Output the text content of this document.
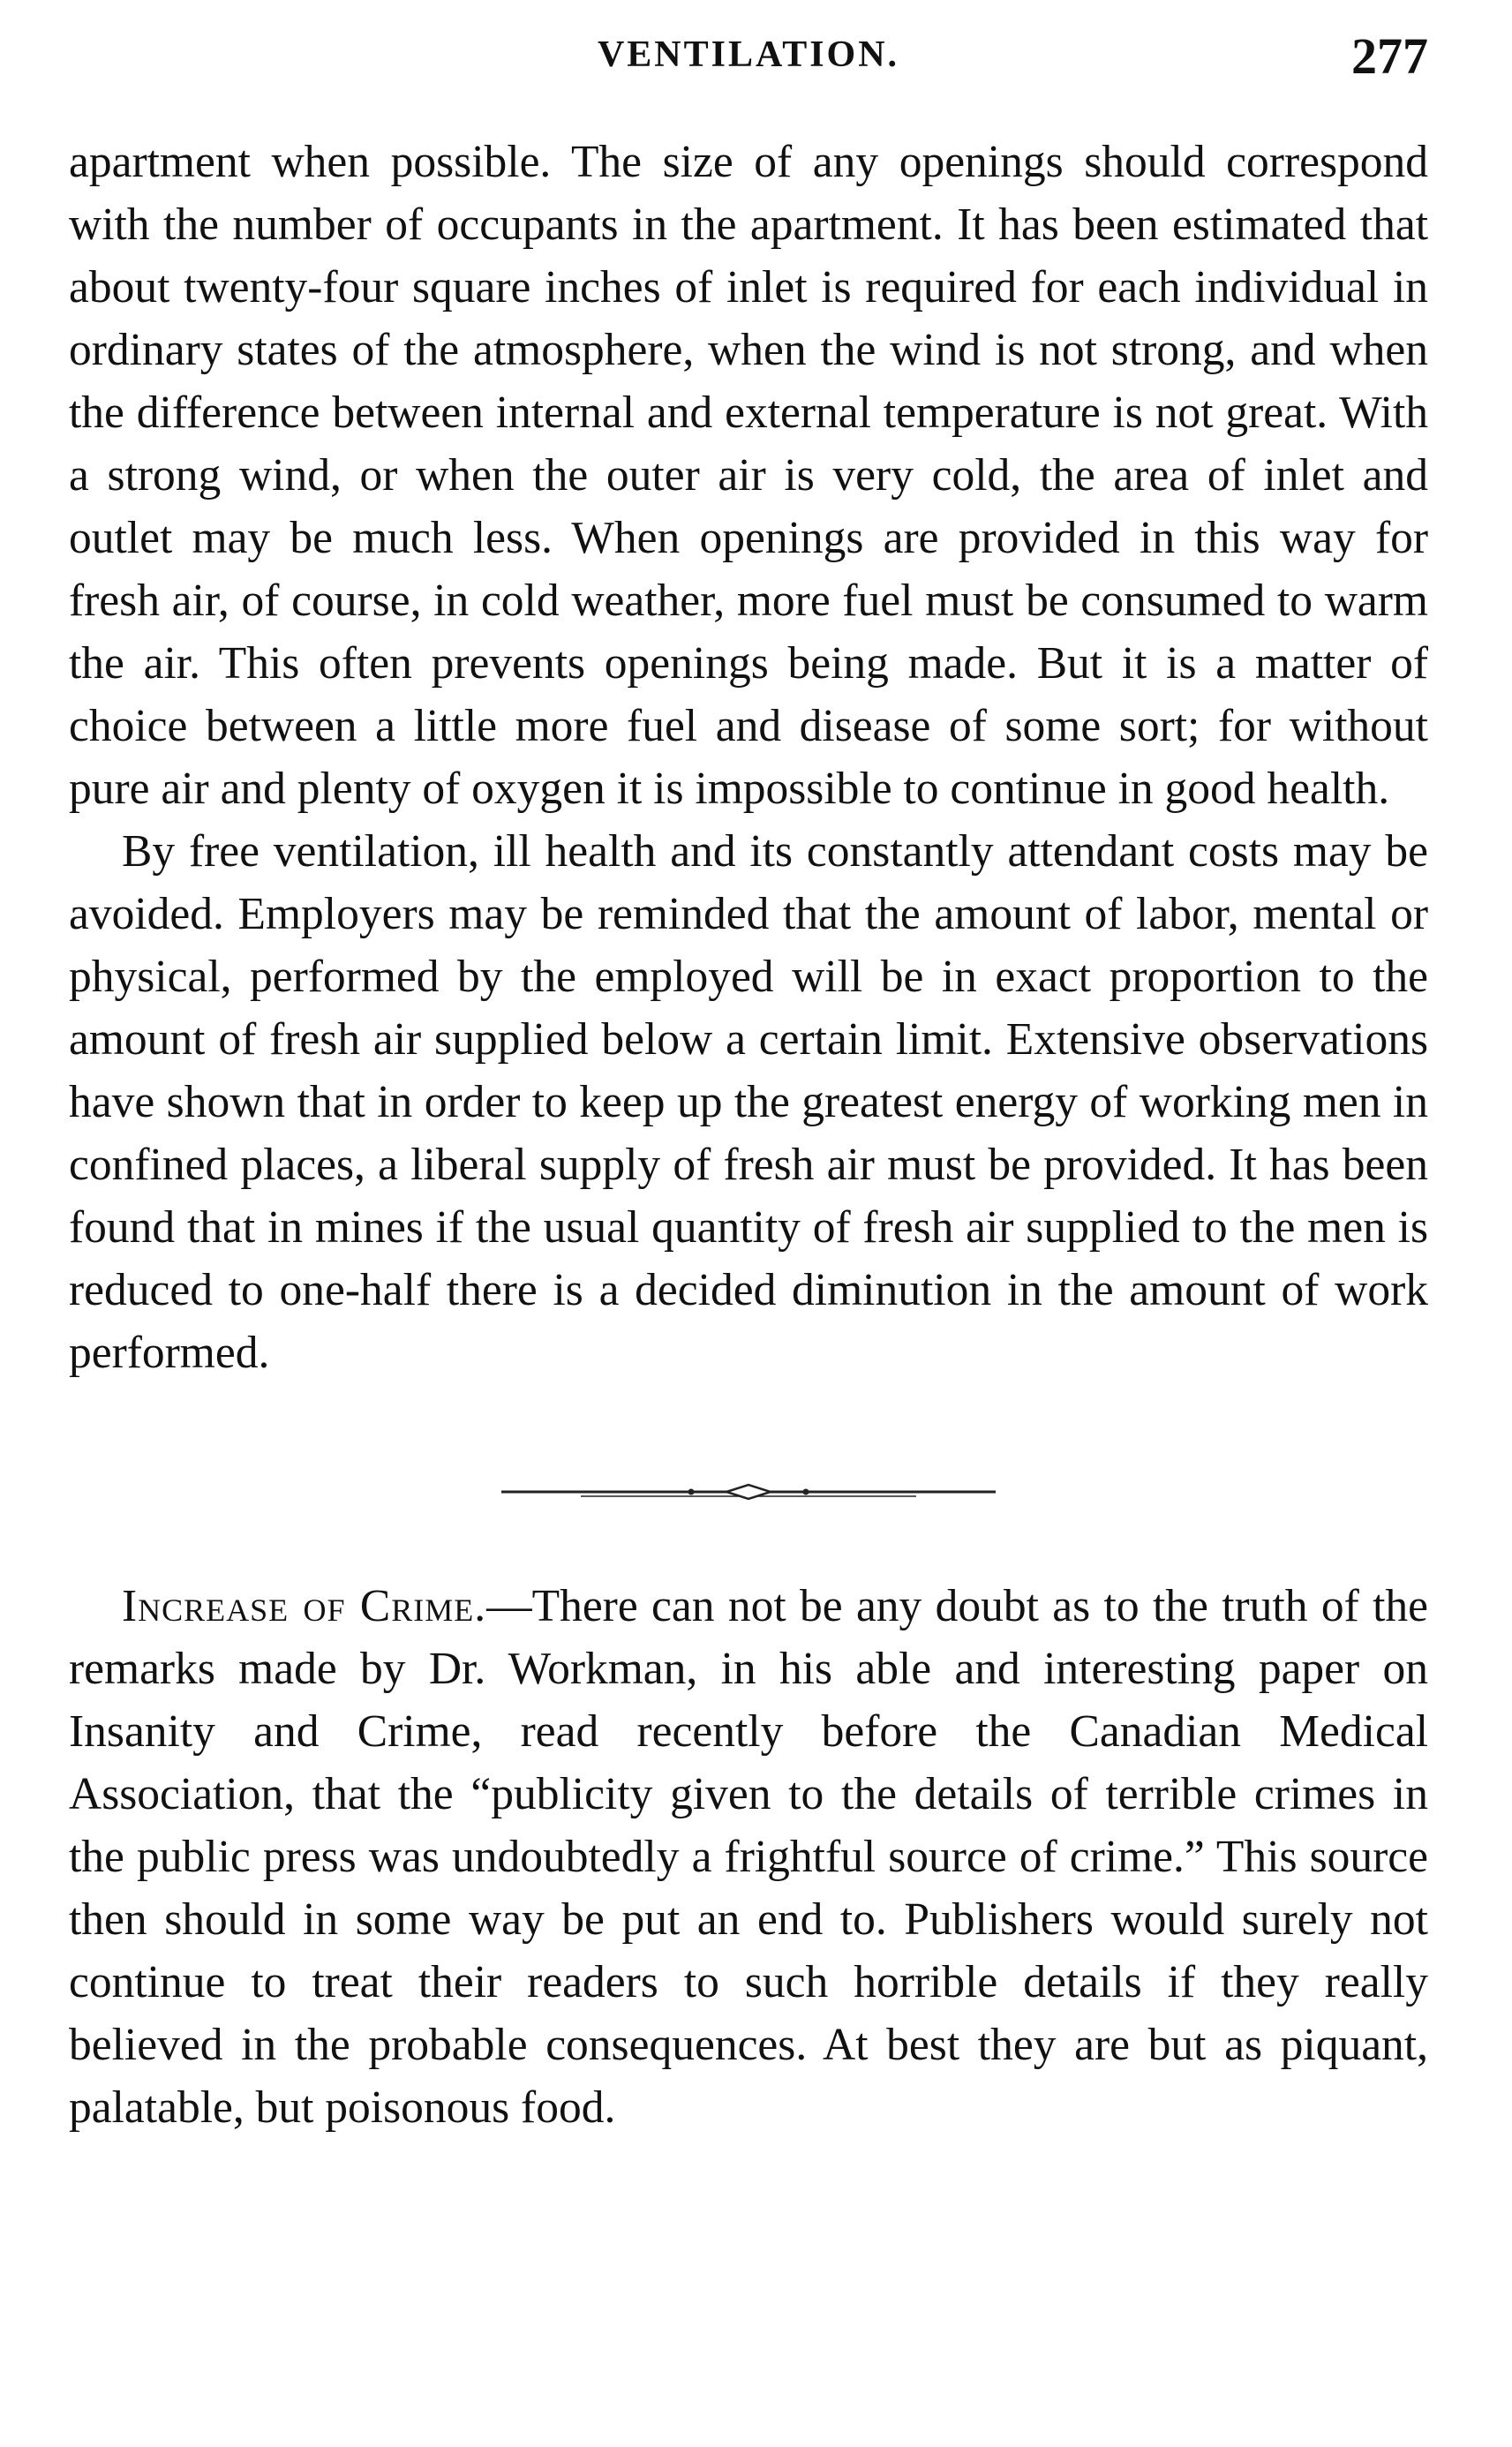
VENTILATION.	277

apartment when possible. The size of any openings should correspond with the number of occupants in the apartment. It has been estimated that about twenty-four square inches of inlet is required for each individual in ordinary states of the atmosphere, when the wind is not strong, and when the difference between internal and external temperature is not great. With a strong wind, or when the outer air is very cold, the area of inlet and outlet may be much less. When openings are provided in this way for fresh air, of course, in cold weather, more fuel must be consumed to warm the air. This often prevents openings being made. But it is a matter of choice between a little more fuel and disease of some sort; for without pure air and plenty of oxygen it is impossible to continue in good health.

By free ventilation, ill health and its constantly attendant costs may be avoided. Employers may be reminded that the amount of labor, mental or physical, performed by the employed will be in exact proportion to the amount of fresh air supplied below a certain limit. Extensive observations have shown that in order to keep up the greatest energy of working men in confined places, a liberal supply of fresh air must be provided. It has been found that in mines if the usual quantity of fresh air supplied to the men is reduced to one-half there is a decided diminution in the amount of work performed.

Increase of Crime.—There can not be any doubt as to the truth of the remarks made by Dr. Workman, in his able and interesting paper on Insanity and Crime, read recently before the Canadian Medical Association, that the “publicity given to the details of terrible crimes in the public press was undoubtedly a frightful source of crime.” This source then should in some way be put an end to. Publishers would surely not continue to treat their readers to such horrible details if they really believed in the probable consequences. At best they are but as piquant, palatable, but poisonous food.
